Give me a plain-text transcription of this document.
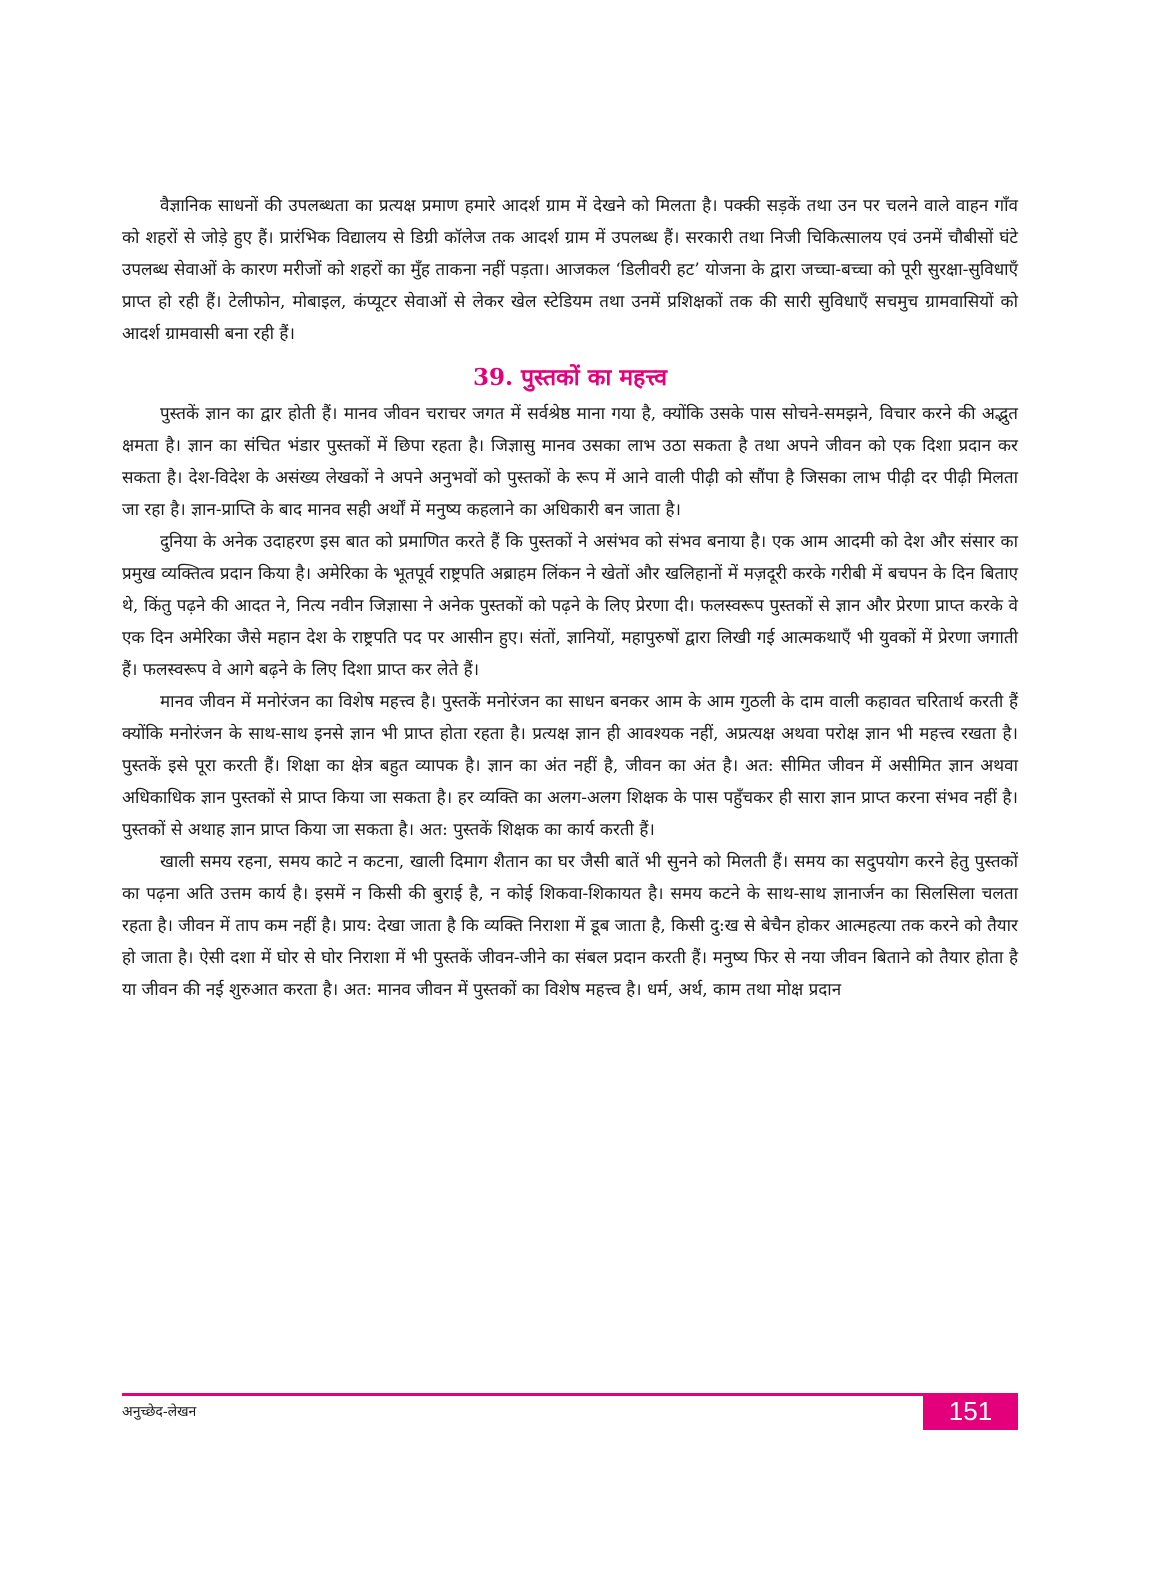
वैज्ञानिक साधनों की उपलब्धता का प्रत्यक्ष प्रमाण हमारे आदर्श ग्राम में देखने को मिलता है। पक्की सड़कें तथा उन पर चलने वाले वाहन गाँव को शहरों से जोड़े हुए हैं। प्रारंभिक विद्यालय से डिग्री कॉलेज तक आदर्श ग्राम में उपलब्ध हैं। सरकारी तथा निजी चिकित्सालय एवं उनमें चौबीसों घंटे उपलब्ध सेवाओं के कारण मरीजों को शहरों का मुँह ताकना नहीं पड़ता। आजकल ‘डिलीवरी हट’ योजना के द्वारा जच्चा-बच्चा को पूरी सुरक्षा-सुविधाएँ प्राप्त हो रही हैं। टेलीफोन, मोबाइल, कंप्यूटर सेवाओं से लेकर खेल स्टेडियम तथा उनमें प्रशिक्षकों तक की सारी सुविधाएँ सचमुच ग्रामवासियों को आदर्श ग्रामवासी बना रही हैं।

39. पुस्तकों का महत्त्व

पुस्तकें ज्ञान का द्वार होती हैं। मानव जीवन चराचर जगत में सर्वश्रेष्ठ माना गया है, क्योंकि उसके पास सोचने-समझने, विचार करने की अद्भुत क्षमता है। ज्ञान का संचित भंडार पुस्तकों में छिपा रहता है। जिज्ञासु मानव उसका लाभ उठा सकता है तथा अपने जीवन को एक दिशा प्रदान कर सकता है। देश-विदेश के असंख्य लेखकों ने अपने अनुभवों को पुस्तकों के रूप में आने वाली पीढ़ी को सौंपा है जिसका लाभ पीढ़ी दर पीढ़ी मिलता जा रहा है। ज्ञान-प्राप्ति के बाद मानव सही अर्थों में मनुष्य कहलाने का अधिकारी बन जाता है।

दुनिया के अनेक उदाहरण इस बात को प्रमाणित करते हैं कि पुस्तकों ने असंभव को संभव बनाया है। एक आम आदमी को देश और संसार का प्रमुख व्यक्तित्व प्रदान किया है। अमेरिका के भूतपूर्व राष्ट्रपति अब्राहम लिंकन ने खेतों और खलिहानों में मज़दूरी करके गरीबी में बचपन के दिन बिताए थे, किंतु पढ़ने की आदत ने, नित्य नवीन जिज्ञासा ने अनेक पुस्तकों को पढ़ने के लिए प्रेरणा दी। फलस्वरूप पुस्तकों से ज्ञान और प्रेरणा प्राप्त करके वे एक दिन अमेरिका जैसे महान देश के राष्ट्रपति पद पर आसीन हुए। संतों, ज्ञानियों, महापुरुषों द्वारा लिखी गई आत्मकथाएँ भी युवकों में प्रेरणा जगाती हैं। फलस्वरूप वे आगे बढ़ने के लिए दिशा प्राप्त कर लेते हैं।

मानव जीवन में मनोरंजन का विशेष महत्त्व है। पुस्तकें मनोरंजन का साधन बनकर आम के आम गुठली के दाम वाली कहावत चरितार्थ करती हैं क्योंकि मनोरंजन के साथ-साथ इनसे ज्ञान भी प्राप्त होता रहता है। प्रत्यक्ष ज्ञान ही आवश्यक नहीं, अप्रत्यक्ष अथवा परोक्ष ज्ञान भी महत्त्व रखता है। पुस्तकें इसे पूरा करती हैं। शिक्षा का क्षेत्र बहुत व्यापक है। ज्ञान का अंत नहीं है, जीवन का अंत है। अत: सीमित जीवन में असीमित ज्ञान अथवा अधिकाधिक ज्ञान पुस्तकों से प्राप्त किया जा सकता है। हर व्यक्ति का अलग-अलग शिक्षक के पास पहुँचकर ही सारा ज्ञान प्राप्त करना संभव नहीं है। पुस्तकों से अथाह ज्ञान प्राप्त किया जा सकता है। अत: पुस्तकें शिक्षक का कार्य करती हैं।

खाली समय रहना, समय काटे न कटना, खाली दिमाग शैतान का घर जैसी बातें भी सुनने को मिलती हैं। समय का सदुपयोग करने हेतु पुस्तकों का पढ़ना अति उत्तम कार्य है। इसमें न किसी की बुराई है, न कोई शिकवा-शिकायत है। समय कटने के साथ-साथ ज्ञानार्जन का सिलसिला चलता रहता है। जीवन में ताप कम नहीं है। प्राय: देखा जाता है कि व्यक्ति निराशा में डूब जाता है, किसी दु:ख से बेचैन होकर आत्महत्या तक करने को तैयार हो जाता है। ऐसी दशा में घोर से घोर निराशा में भी पुस्तकें जीवन-जीने का संबल प्रदान करती हैं। मनुष्य फिर से नया जीवन बिताने को तैयार होता है या जीवन की नई शुरुआत करता है। अत: मानव जीवन में पुस्तकों का विशेष महत्त्व है। धर्म, अर्थ, काम तथा मोक्ष प्रदान

अनुच्छेद-लेखन	151
